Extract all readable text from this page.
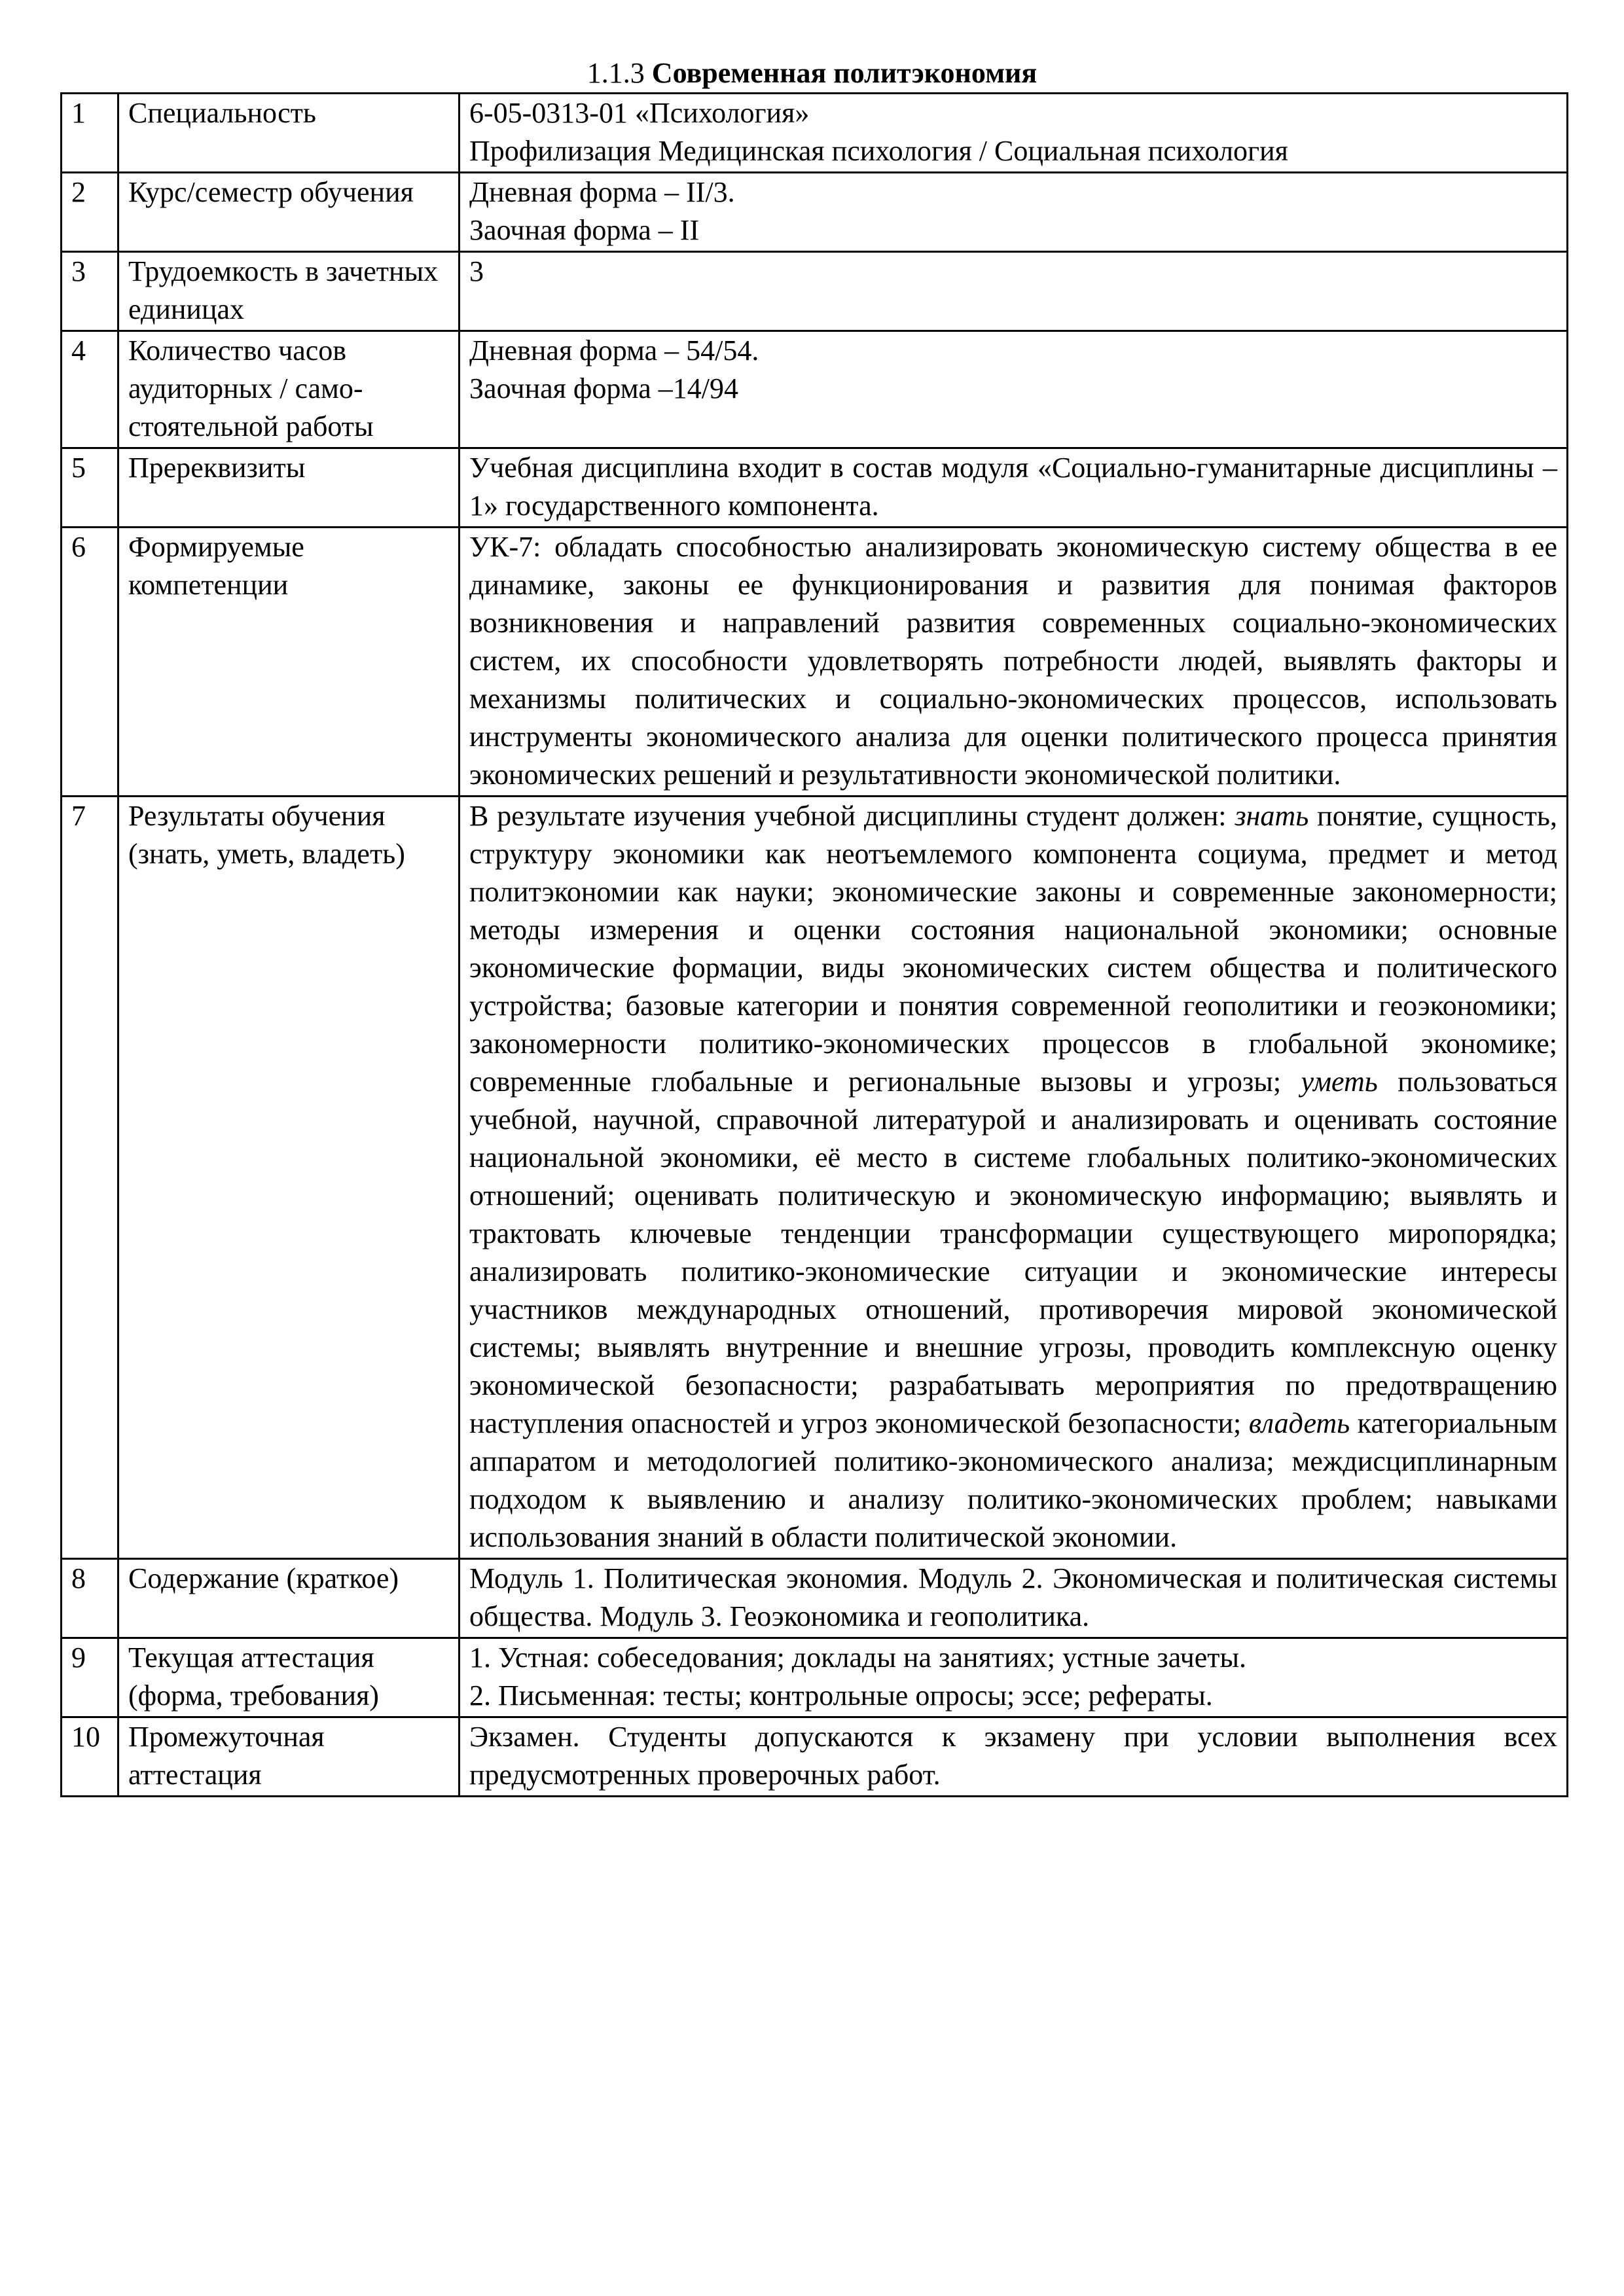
1.1.3 Современная политэкономия
1	Специальность	6-05-0313-01 «Психология»
Профилизация Медицинская психология / Социальная психология

2	Курс/семестр обучения	Дневная форма – II/3.
Заочная форма – II

3	Трудоемкость в зачетных единицах	3

4	Количество часов аудиторных / само-стоятельной работы	Дневная форма – 54/54.
Заочная форма –14/94

5	Пререквизиты	Учебная дисциплина входит в состав модуля «Социально-гуманитарные дисциплины – 1» государственного компонента.
6	Формируемые компетенции	УК-7: обладать способностью анализировать экономическую систему общества в ее динамике, законы ее функционирования и развития для понимая факторов возникновения и направлений развития современных социально-экономических систем, их способности удовлетворять потребности людей, выявлять факторы и механизмы политических и социально-экономических процессов, использовать инструменты экономического анализа для оценки политического процесса принятия экономических решений и результативности экономической политики.
7	Результаты обучения (знать, уметь, владеть)	В результате изучения учебной дисциплины студент должен: знать понятие, сущность, структуру экономики как неотъемлемого компонента социума, предмет и метод политэкономии как науки; экономические законы и современные закономерности; методы измерения и оценки состояния национальной экономики; основные экономические формации, виды экономических систем общества и политического устройства; базовые категории и понятия современной геополитики и геоэкономики; закономерности политико-экономических процессов в глобальной экономике; современные глобальные и региональные вызовы и угрозы; уметь пользоваться учебной, научной, справочной литературой и анализировать и оценивать состояние национальной экономики, её место в системе глобальных политико-экономических отношений; оценивать политическую и экономическую информацию; выявлять и трактовать ключевые тенденции трансформации существующего миропорядка; анализировать политико-экономические ситуации и экономические интересы участников международных отношений, противоречия мировой экономической системы; выявлять внутренние и внешние угрозы, проводить комплексную оценку экономической безопасности; разрабатывать мероприятия по предотвращению наступления опасностей и угроз экономической безопасности; владеть категориальным аппаратом и методологией политико-экономического анализа; междисциплинарным подходом к выявлению и анализу политико-экономических проблем; навыками использования знаний в области политической экономии.
8	Содержание (краткое)	Модуль 1. Политическая экономия. Модуль 2. Экономическая и политическая системы общества. Модуль 3. Геоэкономика и геополитика.
9	Текущая аттестация (форма, требования)	1. Устная: собеседования; доклады на занятиях; устные зачеты.
2. Письменная: тесты; контрольные опросы; эссе; рефераты.

10	Промежуточная аттестация	Экзамен. Студенты допускаются к экзамену при условии выполнения всех предусмотренных проверочных работ.
